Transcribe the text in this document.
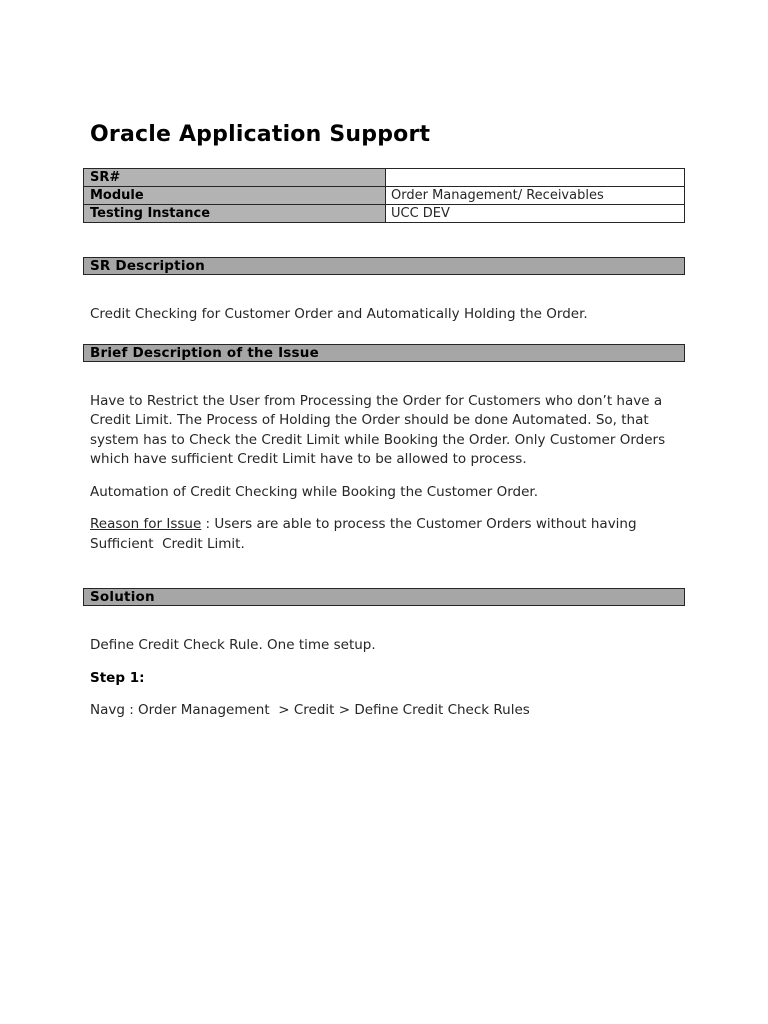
Oracle Application Support
SR#	
Module	Order Management/ Receivables
Testing Instance	UCC DEV
SR Description

Credit Checking for Customer Order and Automatically Holding the Order.

Brief Description of the Issue

Have to Restrict the User from Processing the Order for Customers who don’t have a Credit Limit. The Process of Holding the Order should be done Automated. So, that system has to Check the Credit Limit while Booking the Order. Only Customer Orders which have sufficient Credit Limit have to be allowed to process.

Automation of Credit Checking while Booking the Customer Order.

Reason for Issue : Users are able to process the Customer Orders without having Sufficient  Credit Limit.

Solution

Define Credit Check Rule. One time setup.

Step 1:

Navg : Order Management  > Credit > Define Credit Check Rules
